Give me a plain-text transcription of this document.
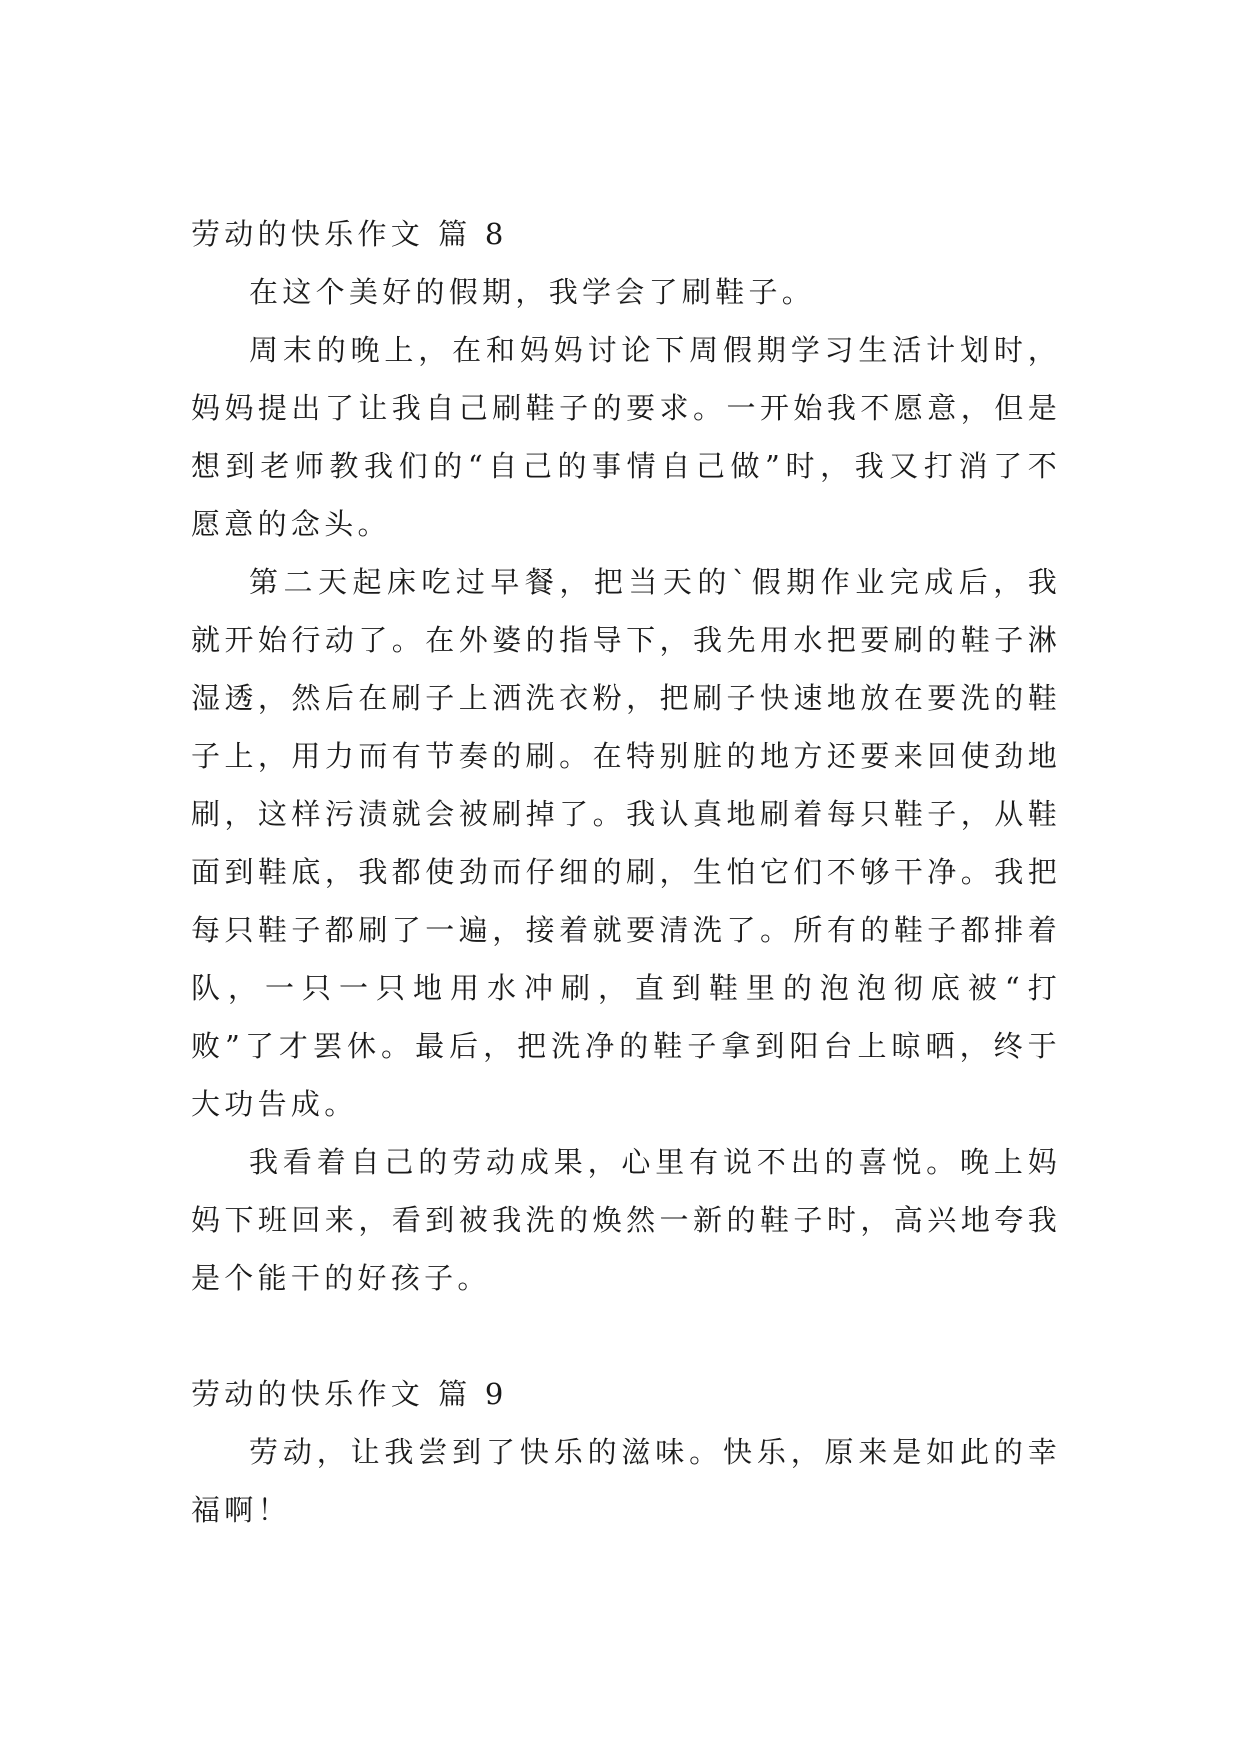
劳动的快乐作文 篇 8

在这个美好的假期，我学会了刷鞋子。

周末的晚上，在和妈妈讨论下周假期学习生活计划时，妈妈提出了让我自己刷鞋子的要求。一开始我不愿意，但是想到老师教我们的“自己的事情自己做”时，我又打消了不愿意的念头。

第二天起床吃过早餐，把当天的`假期作业完成后，我就开始行动了。在外婆的指导下，我先用水把要刷的鞋子淋湿透，然后在刷子上洒洗衣粉，把刷子快速地放在要洗的鞋子上，用力而有节奏的刷。在特别脏的地方还要来回使劲地刷，这样污渍就会被刷掉了。我认真地刷着每只鞋子，从鞋面到鞋底，我都使劲而仔细的刷，生怕它们不够干净。我把每只鞋子都刷了一遍，接着就要清洗了。所有的鞋子都排着队，一只一只地用水冲刷，直到鞋里的泡泡彻底被“打败”了才罢休。最后，把洗净的鞋子拿到阳台上晾晒，终于大功告成。

我看着自己的劳动成果，心里有说不出的喜悦。晚上妈妈下班回来，看到被我洗的焕然一新的鞋子时，高兴地夸我是个能干的好孩子。

劳动的快乐作文 篇 9

劳动，让我尝到了快乐的滋味。快乐，原来是如此的幸福啊！
